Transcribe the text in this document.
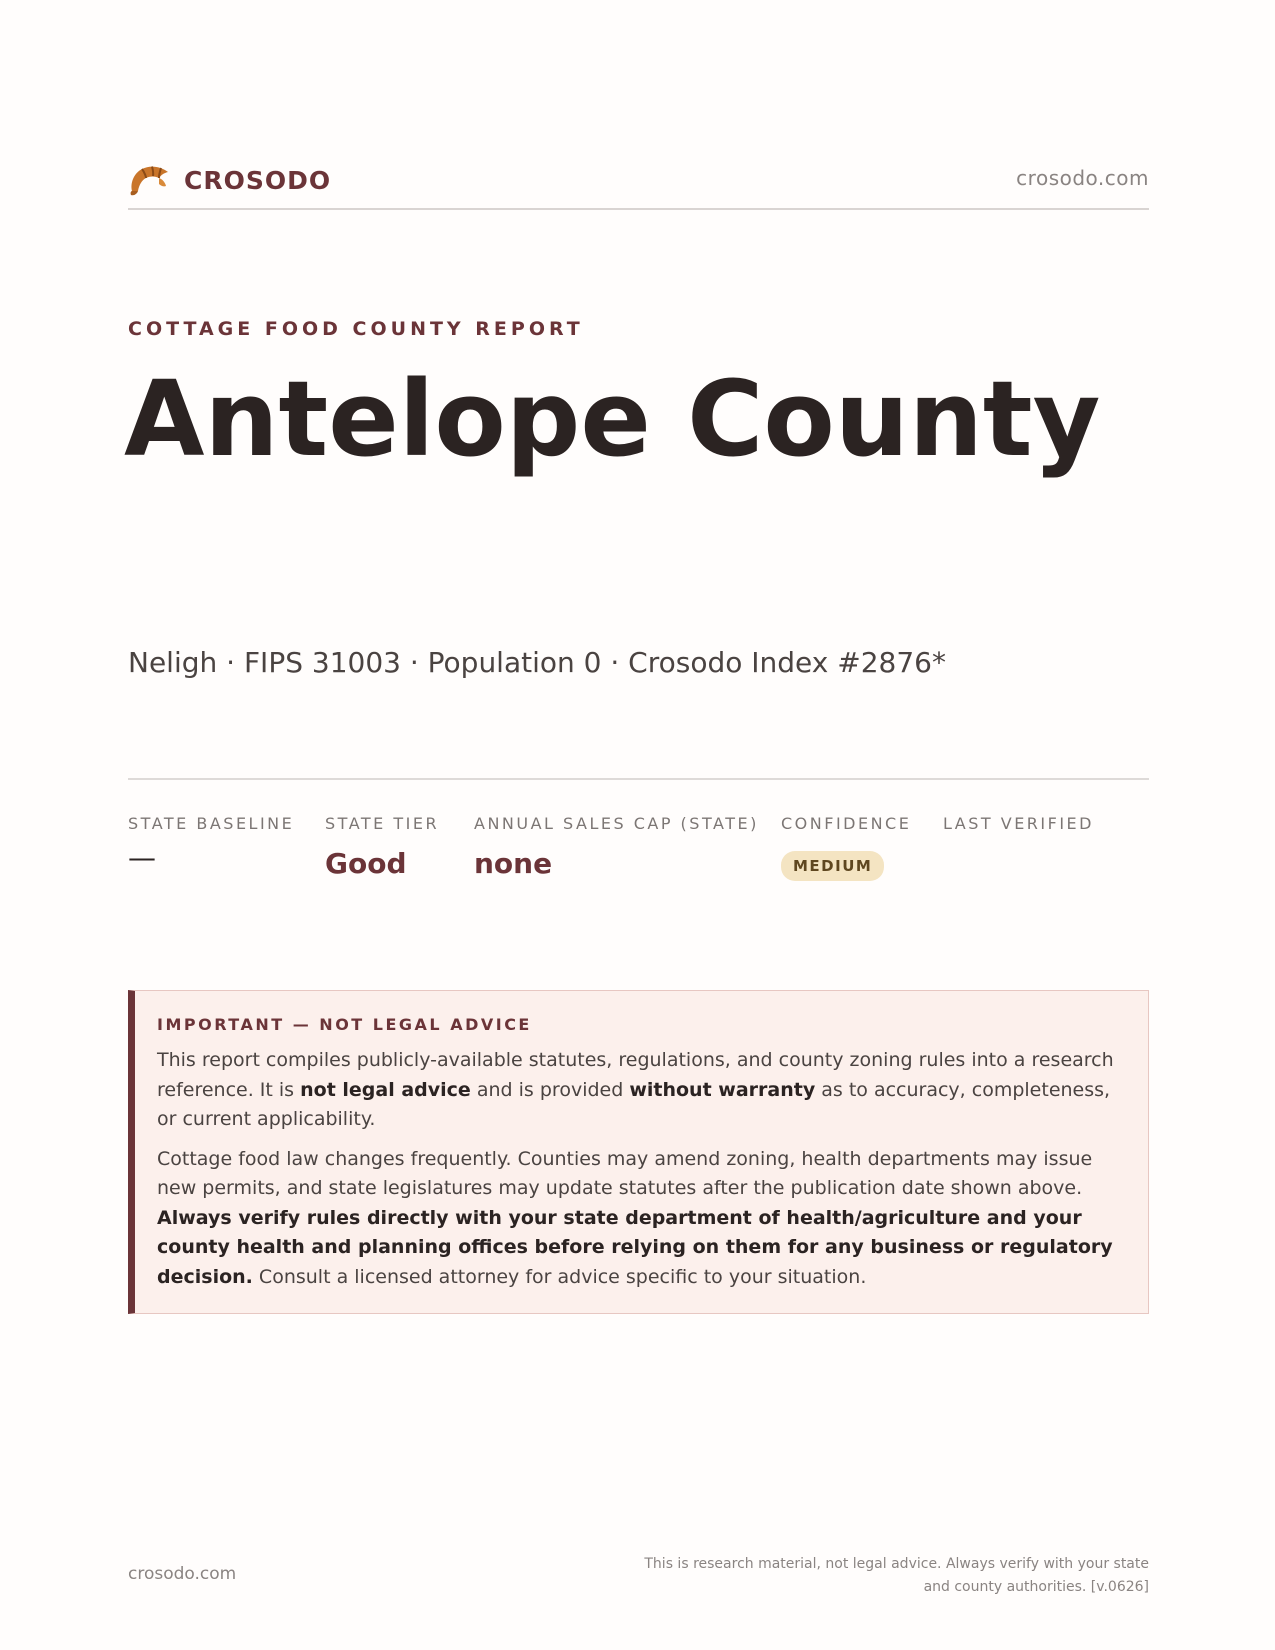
CROSODO	crosodo.com
COTTAGE FOOD COUNTY REPORT
Antelope County
Neligh · FIPS 31003 · Population 0 · Crosodo Index #2876*
STATE BASELINE
—
STATE TIER
Good
ANNUAL SALES CAP (STATE)
none
CONFIDENCE
MEDIUM
LAST VERIFIED
IMPORTANT — NOT LEGAL ADVICE

This report compiles publicly-available statutes, regulations, and county zoning rules into a research reference. It is not legal advice and is provided without warranty as to accuracy, completeness, or current applicability.

Cottage food law changes frequently. Counties may amend zoning, health departments may issue new permits, and state legislatures may update statutes after the publication date shown above. Always verify rules directly with your state department of health/agriculture and your county health and planning offices before relying on them for any business or regulatory decision. Consult a licensed attorney for advice specific to your situation.

crosodo.com	This is research material, not legal advice. Always verify with your state
and county authorities. [v.0626]
